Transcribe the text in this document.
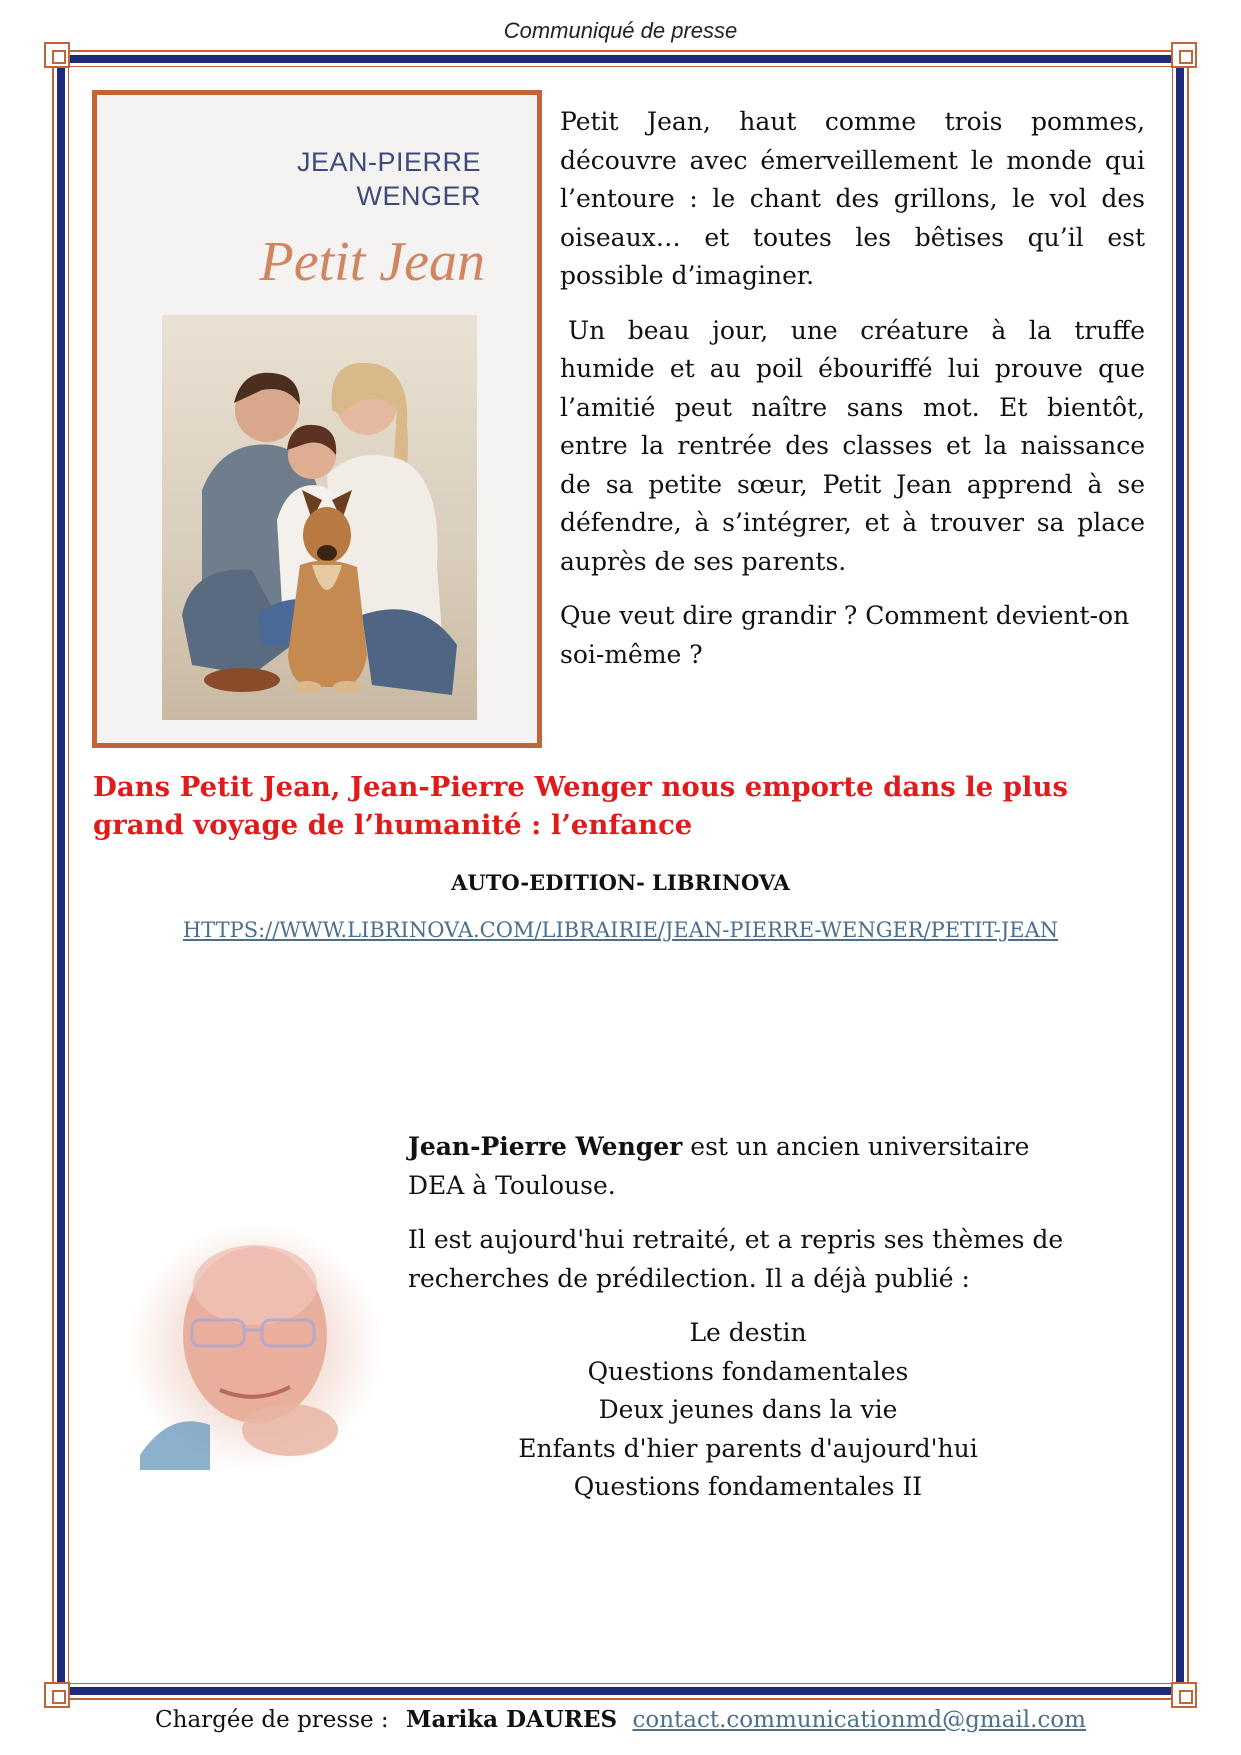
Communiqué de presse
JEAN-PIERRE
WENGER
Petit Jean

Petit Jean, haut comme trois pommes, découvre avec émerveillement le monde qui l’entoure : le chant des grillons, le vol des oiseaux… et toutes les bêtises qu’il est possible d’imaginer.

Un beau jour, une créature à la truffe humide et au poil ébouriffé lui prouve que l’amitié peut naître sans mot. Et bientôt, entre la rentrée des classes et la naissance de sa petite sœur, Petit Jean apprend à se défendre, à s’intégrer, et à trouver sa place auprès de ses parents.

Que veut dire grandir ? Comment devient-on soi-même ?

Dans Petit Jean, Jean-Pierre Wenger nous emporte dans le plus grand voyage de l’humanité : l’enfance
AUTO-EDITION- LIBRINOVA
HTTPS://WWW.LIBRINOVA.COM/LIBRAIRIE/JEAN-PIERRE-WENGER/PETIT-JEAN

Jean-Pierre Wenger est un ancien universitaire DEA à Toulouse.

Il est aujourd'hui retraité, et a repris ses thèmes de recherches de prédilection. Il a déjà publié :

Le destin
Questions fondamentales
Deux jeunes dans la vie
Enfants d'hier parents d'aujourd'hui
Questions fondamentales II
Chargée de presse : Marika DAURES contact.communicationmd@gmail.com
